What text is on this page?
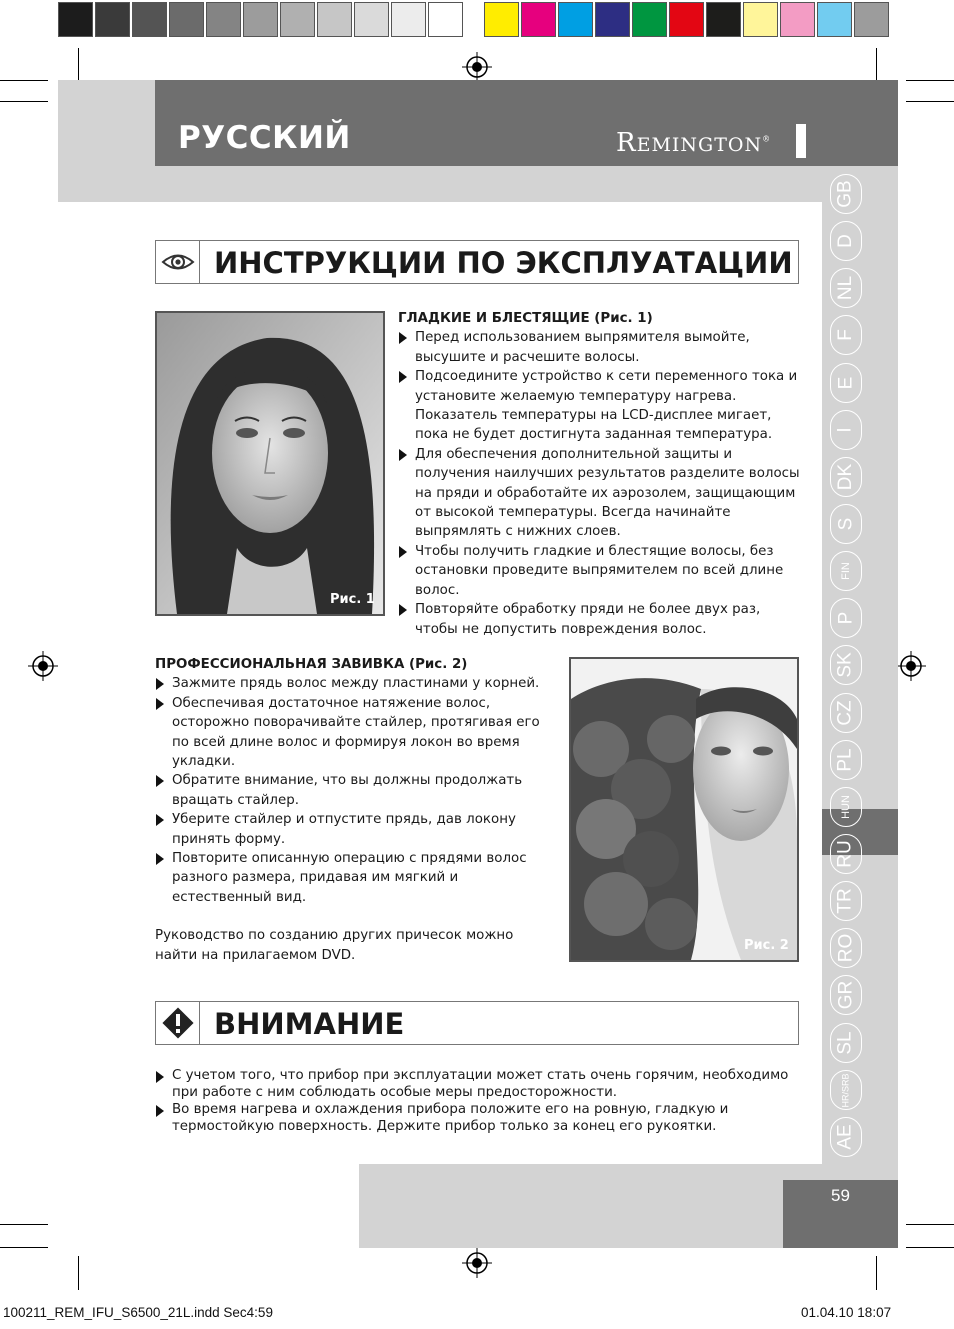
РУССКИЙ	REMINGTON®
GB
D
NL
F
E
I
DK
S
FIN
P
SK
CZ
PL
HUN
RU
TR
RO
GR
SL
HR/SRB
AE
ИНСТРУКЦИИ ПО ЭКСПЛУАТАЦИИ
Рис. 1
ГЛАДКИЕ И БЛЕСТЯЩИЕ (Рис. 1)
Перед использованием выпрямителя вымойте, высушите и расчешите волосы.
Подсоедините устройство к сети переменного тока и установите желаемую температуру нагрева. Показатель температуры на LCD-дисплее мигает, пока не будет достигнута заданная температура.
Для обеспечения дополнительной защиты и получения наилучших результатов разделите волосы на пряди и обработайте их аэрозолем, защищающим от высокой температуры. Всегда начинайте выпрямлять с нижних слоев.
Чтобы получить гладкие и блестящие волосы, без остановки проведите выпрямителем по всей длине волос.
Повторяйте обработку пряди не более двух раз, чтобы не допустить повреждения волос.
ПРОФЕССИОНАЛЬНАЯ ЗАВИВКА (Рис. 2)
Зажмите прядь волос между пластинами у корней.
Обеспечивая достаточное натяжение волос, осторожно поворачивайте стайлер, протягивая его по всей длине волос и формируя локон во время укладки.
Обратите внимание, что вы должны продолжать вращать стайлер.
Уберите стайлер и отпустите прядь, дав локону принять форму.
Повторите описанную операцию с прядями волос разного размера, придавая им мягкий и естественный вид.
Руководство по созданию других причесок можно найти на прилагаемом DVD.
Рис. 2
ВНИМАНИЕ
С учетом того, что прибор при эксплуатации может стать очень горячим, необходимо при работе с ним соблюдать особые меры предосторожности.
Во время нагрева и охлаждения прибора положите его на ровную, гладкую и термостойкую поверхность. Держите прибор только за конец его рукоятки.
59
100211_REM_IFU_S6500_21L.indd Sec4:59	01.04.10 18:07
